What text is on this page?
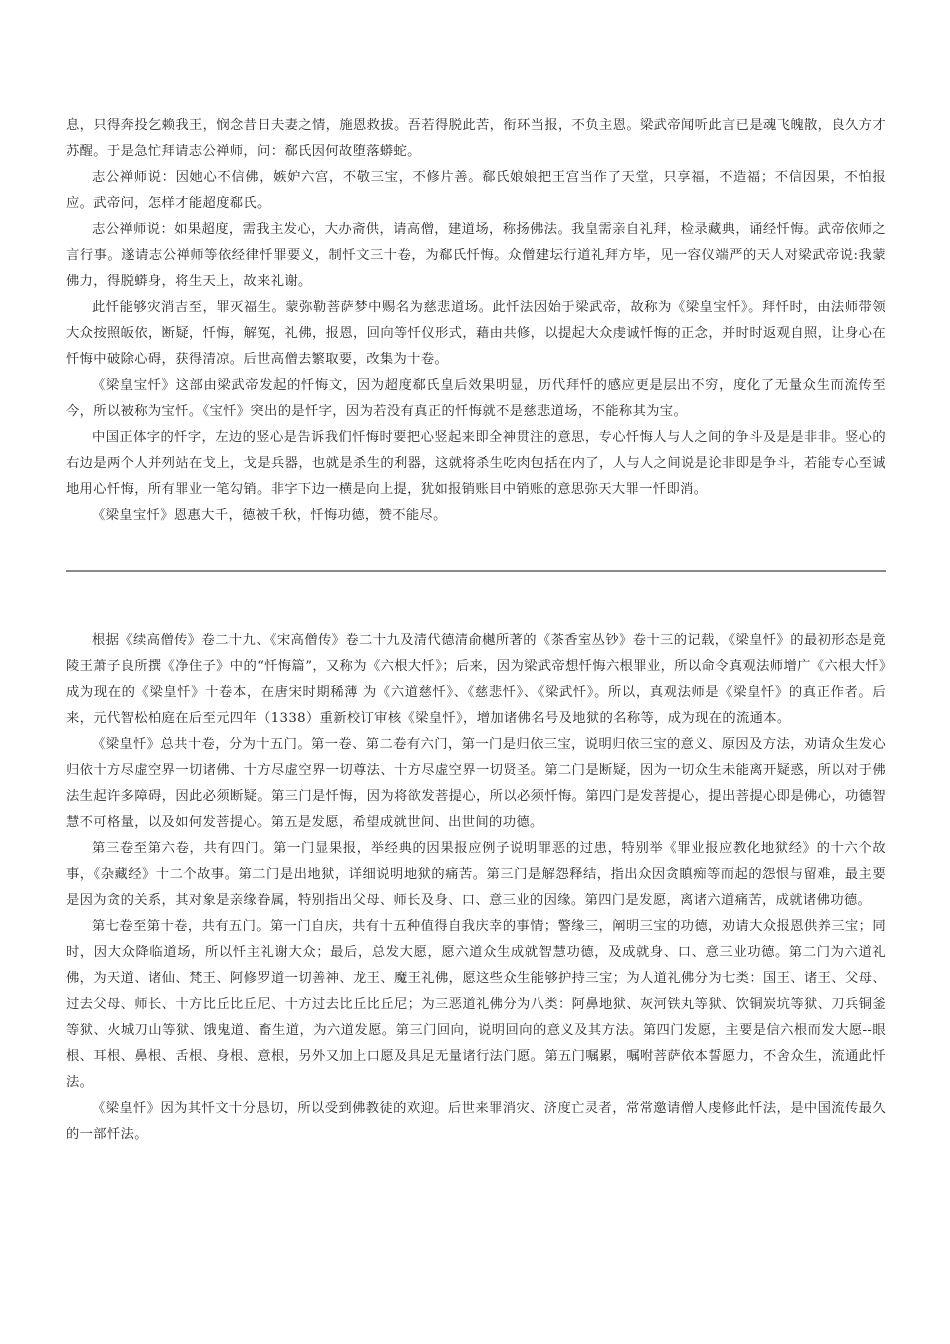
息，只得奔投乞赖我王，悯念昔日夫妻之情，施恩救拔。吾若得脱此苦，衔环当报，不负主恩。梁武帝闻听此言已是魂飞魄散，良久方才苏醒。于是急忙拜请志公禅师，问：郗氏因何故堕落蟒蛇。

志公禅师说：因她心不信佛，嫉妒六宫，不敬三宝，不修片善。郗氏娘娘把王宫当作了天堂，只享福，不造福；不信因果，不怕报应。武帝问，怎样才能超度郗氏。

志公禅师说：如果超度，需我主发心，大办斋供，请高僧，建道场，称扬佛法。我皇需亲自礼拜，检录藏典，诵经忏悔。武帝依师之言行事。遂请志公禅师等依经律忏罪要义，制忏文三十卷，为郗氏忏悔。众僧建坛行道礼拜方毕，见一容仪端严的天人对梁武帝说:我蒙佛力，得脱蟒身，将生天上，故来礼谢。

此忏能够灾消吉至，罪灭福生。蒙弥勒菩萨梦中赐名为慈悲道场。此忏法因始于梁武帝，故称为《梁皇宝忏》。拜忏时，由法师带领大众按照皈依，断疑，忏悔，解冤，礼佛，报恩，回向等忏仪形式，藉由共修，以提起大众虔诚忏悔的正念，并时时返观自照，让身心在忏悔中破除心碍，获得清凉。后世高僧去繁取要，改集为十卷。

《梁皇宝忏》这部由梁武帝发起的忏悔文，因为超度郗氏皇后效果明显，历代拜忏的感应更是层出不穷，度化了无量众生而流传至今，所以被称为宝忏。《宝忏》突出的是忏字，因为若没有真正的忏悔就不是慈悲道场，不能称其为宝。

中国正体字的忏字，左边的竖心是告诉我们忏悔时要把心竖起来即全神贯注的意思，专心忏悔人与人之间的争斗及是是非非。竖心的右边是两个人并列站在戈上，戈是兵器，也就是杀生的利器，这就将杀生吃肉包括在内了，人与人之间说是论非即是争斗，若能专心至诚地用心忏悔，所有罪业一笔勾销。非字下边一横是向上提，犹如报销账目中销账的意思弥天大罪一忏即消。

《梁皇宝忏》恩惠大千，德被千秋，忏悔功德，赞不能尽。

根据《续高僧传》卷二十九、《宋高僧传》卷二十九及清代德清俞樾所著的《茶香室丛钞》卷十三的记载，《梁皇忏》的最初形态是竟陵王萧子良所撰《净住子》中的“忏悔篇”，又称为《六根大忏》；后来，因为梁武帝想忏悔六根罪业，所以命令真观法师增广《六根大忏》成为现在的《梁皇忏》十卷本，在唐宋时期稀薄 为《六道慈忏》、《慈悲忏》、《梁武忏》。所以，真观法师是《梁皇忏》的真正作者。后来，元代智松柏庭在后至元四年（1338）重新校订审核《梁皇忏》，增加诸佛名号及地狱的名称等，成为现在的流通本。

《梁皇忏》总共十卷，分为十五门。第一卷、第二卷有六门，第一门是归依三宝，说明归依三宝的意义、原因及方法，劝请众生发心归依十方尽虚空界一切诸佛、十方尽虚空界一切尊法、十方尽虚空界一切贤圣。第二门是断疑，因为一切众生未能离开疑惑，所以对于佛法生起许多障碍，因此必须断疑。第三门是忏悔，因为将欲发菩提心，所以必须忏悔。第四门是发菩提心，提出菩提心即是佛心，功德智慧不可格量，以及如何发菩提心。第五是发愿，希望成就世间、出世间的功德。

第三卷至第六卷，共有四门。第一门显果报，举经典的因果报应例子说明罪恶的过患，特别举《罪业报应教化地狱经》的十六个故事，《杂藏经》十二个故事。第二门是出地狱，详细说明地狱的痛苦。第三门是解怨释结，指出众因贪瞋痴等而起的怨恨与留难，最主要是因为贪的关系，其对象是亲缘眷属，特别指出父母、师长及身、口、意三业的因缘。第四门是发愿，离诸六道痛苦，成就诸佛功德。

第七卷至第十卷，共有五门。第一门自庆，共有十五种值得自我庆幸的事情；警缘三，阐明三宝的功德，劝请大众报恩供养三宝；同时，因大众降临道场，所以忏主礼谢大众；最后，总发大愿，愿六道众生成就智慧功德，及成就身、口、意三业功德。第二门为六道礼佛，为天道、诸仙、梵王、阿修罗道一切善神、龙王、魔王礼佛，愿这些众生能够护持三宝；为人道礼佛分为七类：国王、诸王、父母、过去父母、师长、十方比丘比丘尼、十方过去比丘比丘尼；为三恶道礼佛分为八类：阿鼻地狱、灰河铁丸等狱、饮铜炭坑等狱、刀兵铜釜等狱、火城刀山等狱、饿鬼道、畜生道，为六道发愿。第三门回向，说明回向的意义及其方法。第四门发愿，主要是信六根而发大愿--眼根、耳根、鼻根、舌根、身根、意根，另外又加上口愿及具足无量诸行法门愿。第五门嘱累，嘱咐菩萨依本誓愿力，不舍众生，流通此忏法。

《梁皇忏》因为其忏文十分恳切，所以受到佛教徒的欢迎。后世来罪消灾、济度亡灵者，常常邀请僧人虔修此忏法，是中国流传最久的一部忏法。
